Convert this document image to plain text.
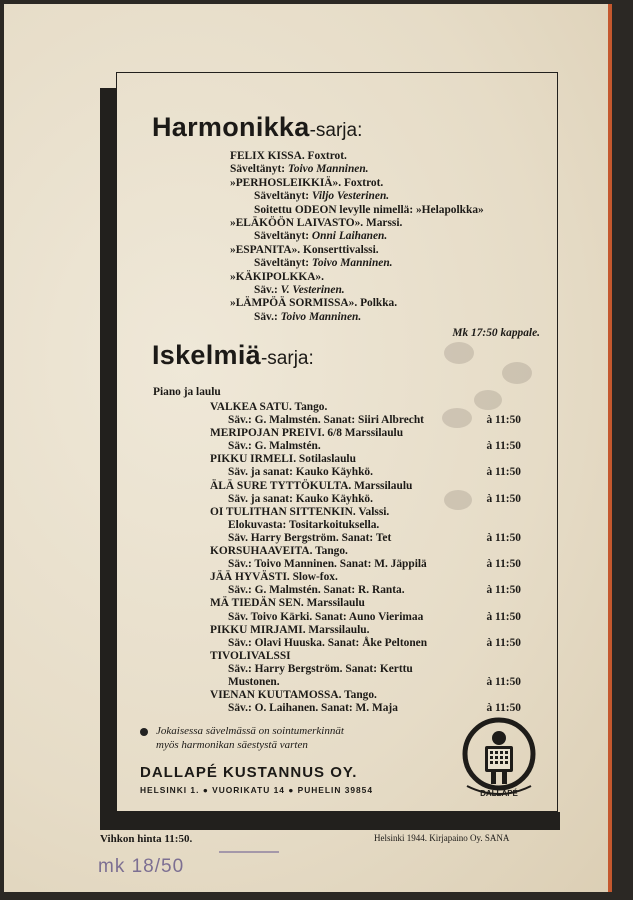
Harmonikka-sarja:
FELIX KISSA. Foxtrot.
Säveltänyt: Toivo Manninen.
»PERHOSLEIKKIÄ». Foxtrot.
Säveltänyt: Viljo Vesterinen.
Soitettu ODEON levylle nimellä: »Helapolkka»
»ELÄKÖÖN LAIVASTO». Marssi.
Säveltänyt: Onni Laihanen.
»ESPANITA». Konserttivalssi.
Säveltänyt: Toivo Manninen.
»KÄKIPOLKKA».
Säv.: V. Vesterinen.
»LÄMPÖÄ SORMISSA». Polkka.
Säv.: Toivo Manninen.
Mk 17:50 kappale.
Iskelmiä-sarja:
Piano ja laulu
VALKEA SATU. Tango.
Säv.: G. Malmstén. Sanat: Siiri Albrecht	à 11:50
MERIPOJAN PREIVI. 6/8 Marssilaulu
Säv.: G. Malmstén.	à 11:50
PIKKU IRMELI. Sotilaslaulu
Säv. ja sanat: Kauko Käyhkö.	à 11:50
ÄLÄ SURE TYTTÖKULTA. Marssilaulu
Säv. ja sanat: Kauko Käyhkö.	à 11:50
OI TULITHAN SITTENKIN. Valssi.
Elokuvasta: Tositarkoituksella.
Säv. Harry Bergström. Sanat: Tet	à 11:50
KORSUHAAVEITA. Tango.
Säv.: Toivo Manninen. Sanat: M. Jäppilä	à 11:50
JÄÄ HYVÄSTI. Slow-fox.
Säv.: G. Malmstén. Sanat: R. Ranta.	à 11:50
MÄ TIEDÄN SEN. Marssilaulu
Säv. Toivo Kärki. Sanat: Auno Vierimaa	à 11:50
PIKKU MIRJAMI. Marssilaulu.
Säv.: Olavi Huuska. Sanat: Åke Peltonen	à 11:50
TIVOLIVALSSI
Säv.: Harry Bergström. Sanat: Kerttu
Mustonen.	à 11:50
VIENAN KUUTAMOSSA. Tango.
Säv.: O. Laihanen. Sanat: M. Maja	à 11:50
Jokaisessa sävelmässä on sointumerkinnät
myös harmonikan säestystä varten
DALLAPÉ KUSTANNUS OY.
HELSINKI 1. ● VUORIKATU 14 ● PUHELIN 39854	DALLAPÉ
Vihkon hinta 11:50.	Helsinki 1944. Kirjapaino Oy. SANA
mk 18/50
